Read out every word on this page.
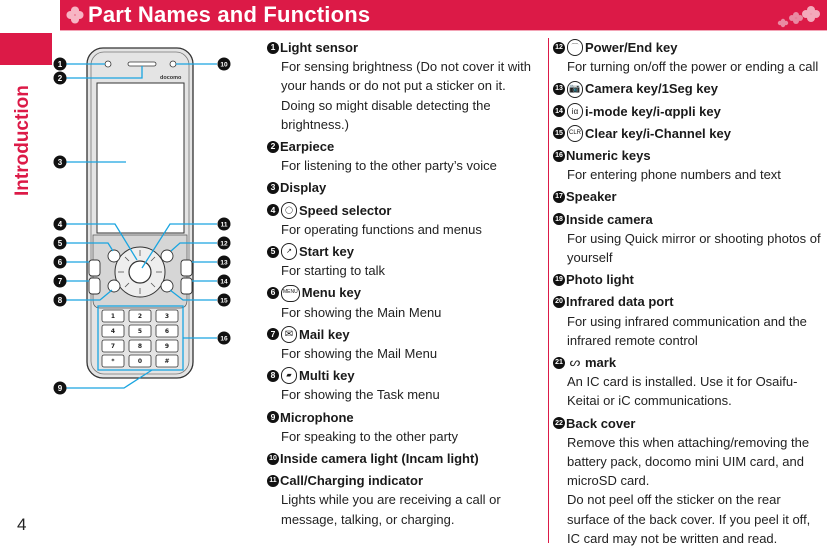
Part Names and Functions
Introduction
4
docomo
1	2	3
4	5	6
7	8	9
*	0	#
1
2
3
4
5
6
7
8
9
10
11
12
13
14
15
16
1 Light sensor
For sensing brightness (Do not cover it with your hands or do not put a sticker on it. Doing so might disable detecting the brightness.)
2 Earpiece
For listening to the other party’s voice
3 Display
4	◯ Speed selector
For operating functions and menus
5	↗ Start key
For starting to talk
6	MENU Menu key
For showing the Main Menu
7 ✉ Mail key
For showing the Mail Menu
8	▰ Multi key
For showing the Task menu
9 Microphone
For speaking to the other party
10 Inside camera light (Incam light)
11 Call/Charging indicator
Lights while you are receiving a call or message, talking, or charging.
12	⌒ Power/End key
For turning on/off the power or ending a call
13 📷 Camera key/1Seg key
14	iα i-mode key/i-αppli key
15	CLR Clear key/i-Channel key
16 Numeric keys
For entering phone numbers and text
17 Speaker
18 Inside camera
For using Quick mirror or shooting photos of yourself
19 Photo light
20 Infrared data port
For using infrared communication and the infrared remote control
21 ᔕ mark
An IC card is installed. Use it for Osaifu-Keitai or iC communications.
22 Back cover
Remove this when attaching/removing the battery pack, docomo mini UIM card, and microSD card.
Do not peel off the sticker on the rear surface of the back cover. If you peel it off, IC card may not be written and read.
